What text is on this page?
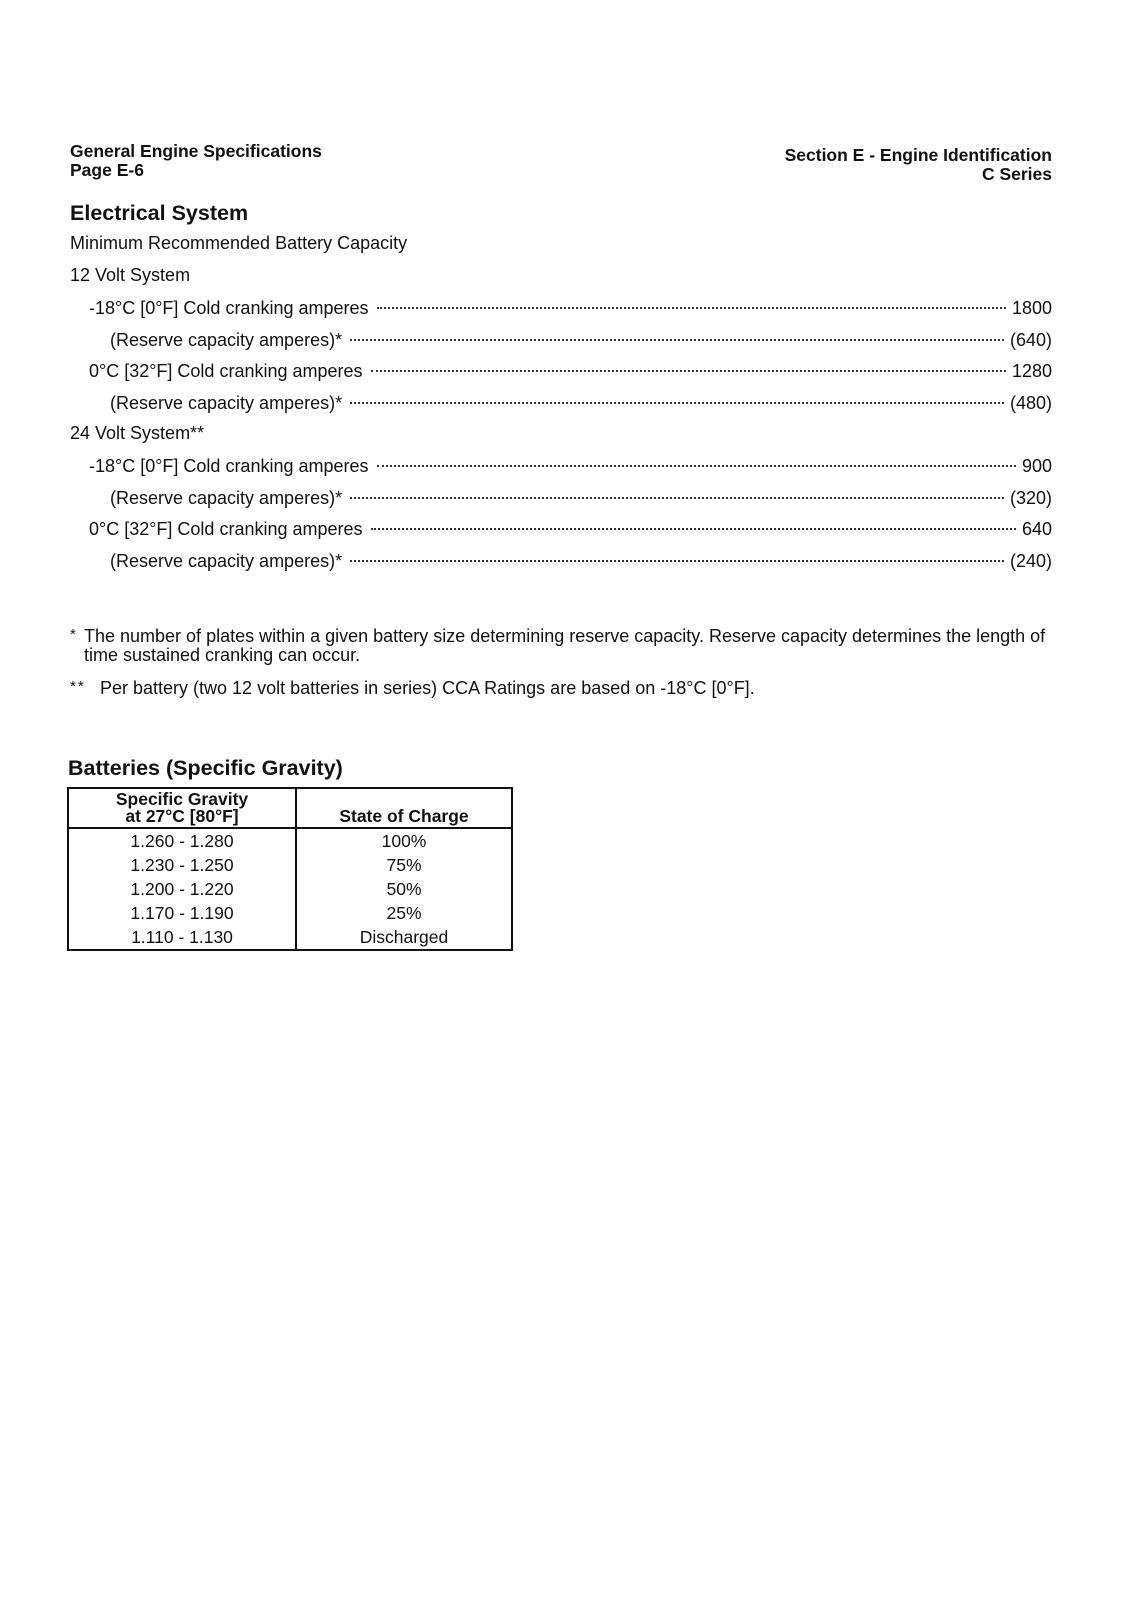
General Engine Specifications
Page E-6
Section E - Engine Identification
C Series
Electrical System

Minimum Recommended Battery Capacity

12 Volt System

-18°C [0°F] Cold cranking amperes	1800
(Reserve capacity amperes)*	(640)
0°C [32°F] Cold cranking amperes	1280
(Reserve capacity amperes)*	(480)

24 Volt System**

-18°C [0°F] Cold cranking amperes	900
(Reserve capacity amperes)*	(320)
0°C [32°F] Cold cranking amperes	640
(Reserve capacity amperes)*	(240)
* The number of plates within a given battery size determining reserve capacity. Reserve capacity determines the length of time sustained cranking can occur.
** Per battery (two 12 volt batteries in series) CCA Ratings are based on -18°C [0°F].
Batteries (Specific Gravity)
Specific Gravity
at 27°C [80°F]	State of Charge
1.260 - 1.280	100%
1.230 - 1.250	75%
1.200 - 1.220	50%
1.170 - 1.190	25%
1.110 - 1.130	Discharged
